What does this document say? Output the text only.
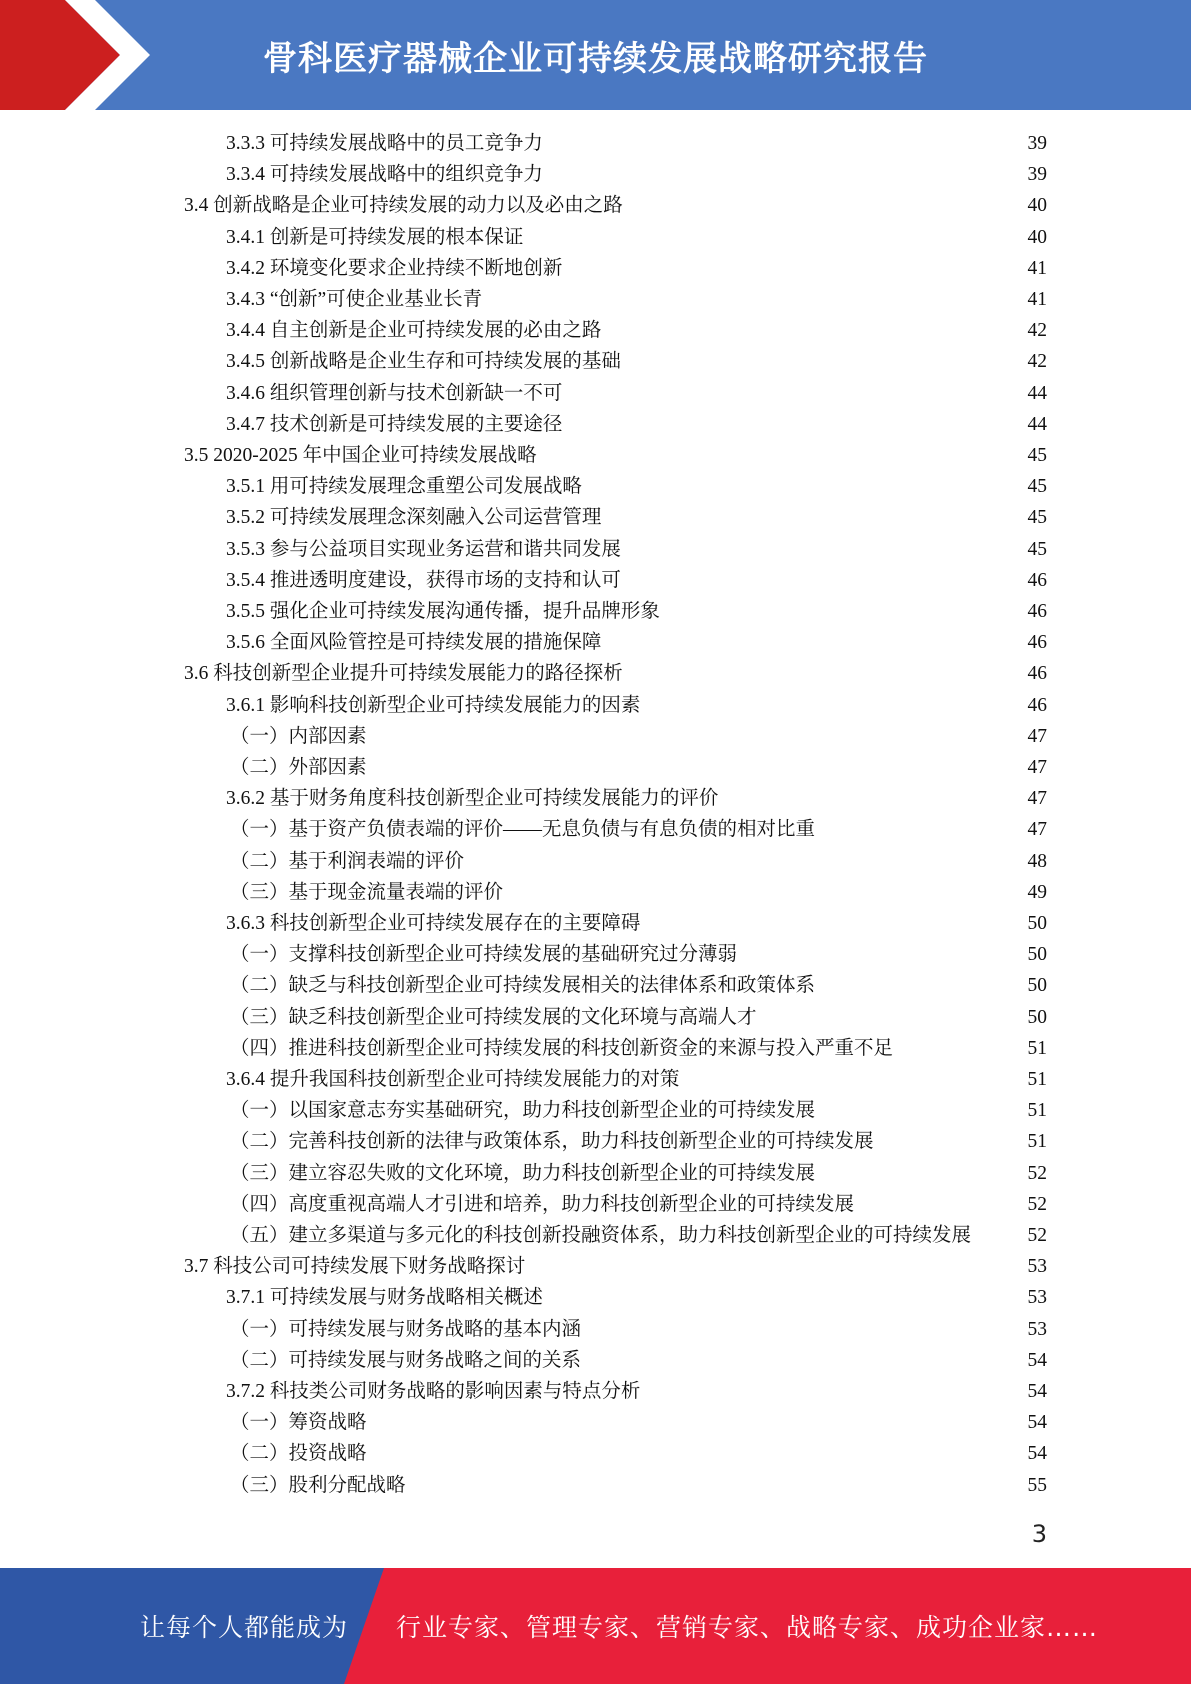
骨科医疗器械企业可持续发展战略研究报告
3.3.3 可持续发展战略中的员工竞争力	39
3.3.4 可持续发展战略中的组织竞争力	39
3.4 创新战略是企业可持续发展的动力以及必由之路	40
3.4.1 创新是可持续发展的根本保证	40
3.4.2 环境变化要求企业持续不断地创新	41
3.4.3 “创新”可使企业基业长青	41
3.4.4 自主创新是企业可持续发展的必由之路	42
3.4.5 创新战略是企业生存和可持续发展的基础	42
3.4.6 组织管理创新与技术创新缺一不可	44
3.4.7 技术创新是可持续发展的主要途径	44
3.5 2020-2025 年中国企业可持续发展战略	45
3.5.1 用可持续发展理念重塑公司发展战略	45
3.5.2 可持续发展理念深刻融入公司运营管理	45
3.5.3 参与公益项目实现业务运营和谐共同发展	45
3.5.4 推进透明度建设，获得市场的支持和认可	46
3.5.5 强化企业可持续发展沟通传播，提升品牌形象	46
3.5.6 全面风险管控是可持续发展的措施保障	46
3.6 科技创新型企业提升可持续发展能力的路径探析	46
3.6.1 影响科技创新型企业可持续发展能力的因素	46
（一）内部因素	47
（二）外部因素	47
3.6.2 基于财务角度科技创新型企业可持续发展能力的评价	47
（一）基于资产负债表端的评价——无息负债与有息负债的相对比重	47
（二）基于利润表端的评价	48
（三）基于现金流量表端的评价	49
3.6.3 科技创新型企业可持续发展存在的主要障碍	50
（一）支撑科技创新型企业可持续发展的基础研究过分薄弱	50
（二）缺乏与科技创新型企业可持续发展相关的法律体系和政策体系	50
（三）缺乏科技创新型企业可持续发展的文化环境与高端人才	50
（四）推进科技创新型企业可持续发展的科技创新资金的来源与投入严重不足	51
3.6.4 提升我国科技创新型企业可持续发展能力的对策	51
（一）以国家意志夯实基础研究，助力科技创新型企业的可持续发展	51
（二）完善科技创新的法律与政策体系，助力科技创新型企业的可持续发展	51
（三）建立容忍失败的文化环境，助力科技创新型企业的可持续发展	52
（四）高度重视高端人才引进和培养，助力科技创新型企业的可持续发展	52
（五）建立多渠道与多元化的科技创新投融资体系，助力科技创新型企业的可持续发展	52
3.7 科技公司可持续发展下财务战略探讨	53
3.7.1 可持续发展与财务战略相关概述	53
（一）可持续发展与财务战略的基本内涵	53
（二）可持续发展与财务战略之间的关系	54
3.7.2 科技类公司财务战略的影响因素与特点分析	54
（一）筹资战略	54
（二）投资战略	54
（三）股利分配战略	55
3
让每个人都能成为 行业专家、管理专家、营销专家、战略专家、成功企业家……
